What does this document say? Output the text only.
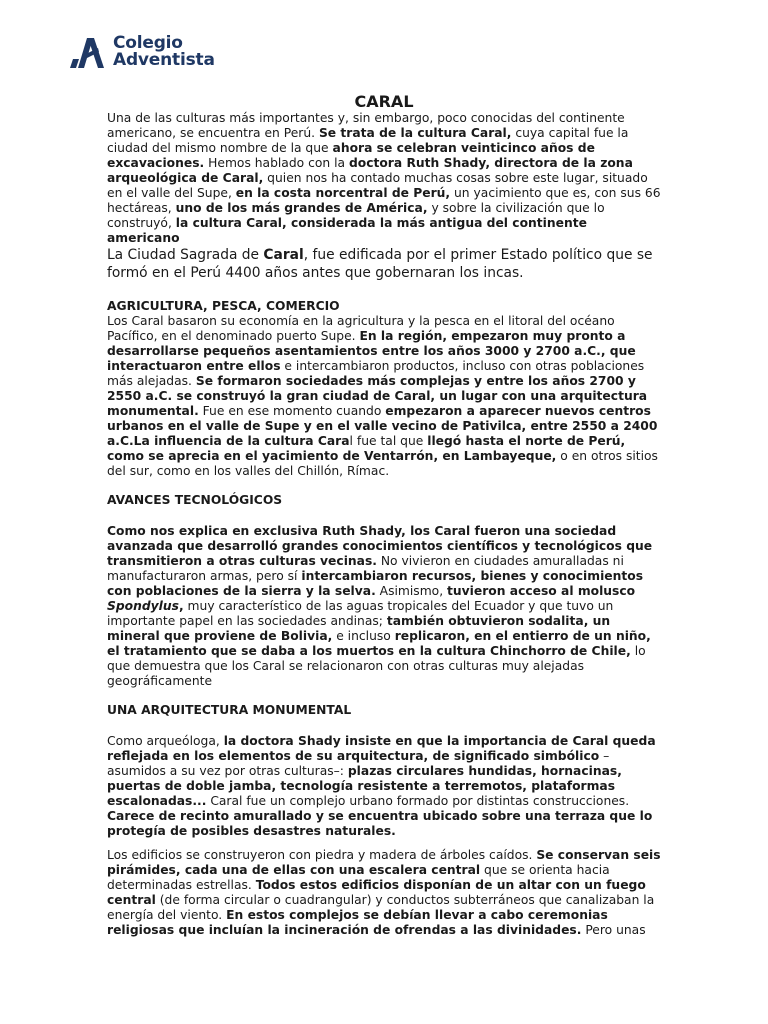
Colegio
Adventista
CARAL

Una de las culturas más importantes y, sin embargo, poco conocidas del continente americano, se encuentra en Perú. Se trata de la cultura Caral, cuya capital fue la ciudad del mismo nombre de la que ahora se celebran veinticinco años de excavaciones. Hemos hablado con la doctora Ruth Shady, directora de la zona arqueológica de Caral, quien nos ha contado muchas cosas sobre este lugar, situado en el valle del Supe, en la costa norcentral de Perú, un yacimiento que es, con sus 66 hectáreas, uno de los más grandes de América, y sobre la civilización que lo construyó, la cultura Caral, considerada la más antigua del continente americano

La Ciudad Sagrada de Caral, fue edificada por el primer Estado político que se formó en el Perú 4400 años antes que gobernaran los incas.

AGRICULTURA, PESCA, COMERCIO

Los Caral basaron su economía en la agricultura y la pesca en el litoral del océano Pacífico, en el denominado puerto Supe. En la región, empezaron muy pronto a desarrollarse pequeños asentamientos entre los años 3000 y 2700 a.C., que interactuaron entre ellos e intercambiaron productos, incluso con otras poblaciones más alejadas. Se formaron sociedades más complejas y entre los años 2700 y 2550 a.C. se construyó la gran ciudad de Caral, un lugar con una arquitectura monumental. Fue en ese momento cuando empezaron a aparecer nuevos centros urbanos en el valle de Supe y en el valle vecino de Pativilca, entre 2550 a 2400 a.C.La influencia de la cultura Caral fue tal que llegó hasta el norte de Perú, como se aprecia en el yacimiento de Ventarrón, en Lambayeque, o en otros sitios del sur, como en los valles del Chillón, Rímac.

AVANCES TECNOLÓGICOS

Como nos explica en exclusiva Ruth Shady, los Caral fueron una sociedad avanzada que desarrolló grandes conocimientos científicos y tecnológicos que transmitieron a otras culturas vecinas. No vivieron en ciudades amuralladas ni manufacturaron armas, pero sí intercambiaron recursos, bienes y conocimientos con poblaciones de la sierra y la selva. Asimismo, tuvieron acceso al molusco Spondylus, muy característico de las aguas tropicales del Ecuador y que tuvo un importante papel en las sociedades andinas; también obtuvieron sodalita, un mineral que proviene de Bolivia, e incluso replicaron, en el entierro de un niño, el tratamiento que se daba a los muertos en la cultura Chinchorro de Chile, lo que demuestra que los Caral se relacionaron con otras culturas muy alejadas geográficamente

UNA ARQUITECTURA MONUMENTAL

Como arqueóloga, la doctora Shady insiste en que la importancia de Caral queda reflejada en los elementos de su arquitectura, de significado simbólico –asumidos a su vez por otras culturas–: plazas circulares hundidas, hornacinas, puertas de doble jamba, tecnología resistente a terremotos, plataformas escalonadas... Caral fue un complejo urbano formado por distintas construcciones. Carece de recinto amurallado y se encuentra ubicado sobre una terraza que lo protegía de posibles desastres naturales.

Los edificios se construyeron con piedra y madera de árboles caídos. Se conservan seis pirámides, cada una de ellas con una escalera central que se orienta hacia determinadas estrellas. Todos estos edificios disponían de un altar con un fuego central (de forma circular o cuadrangular) y conductos subterráneos que canalizaban la energía del viento. En estos complejos se debían llevar a cabo ceremonias religiosas que incluían la incineración de ofrendas a las divinidades. Pero unas
